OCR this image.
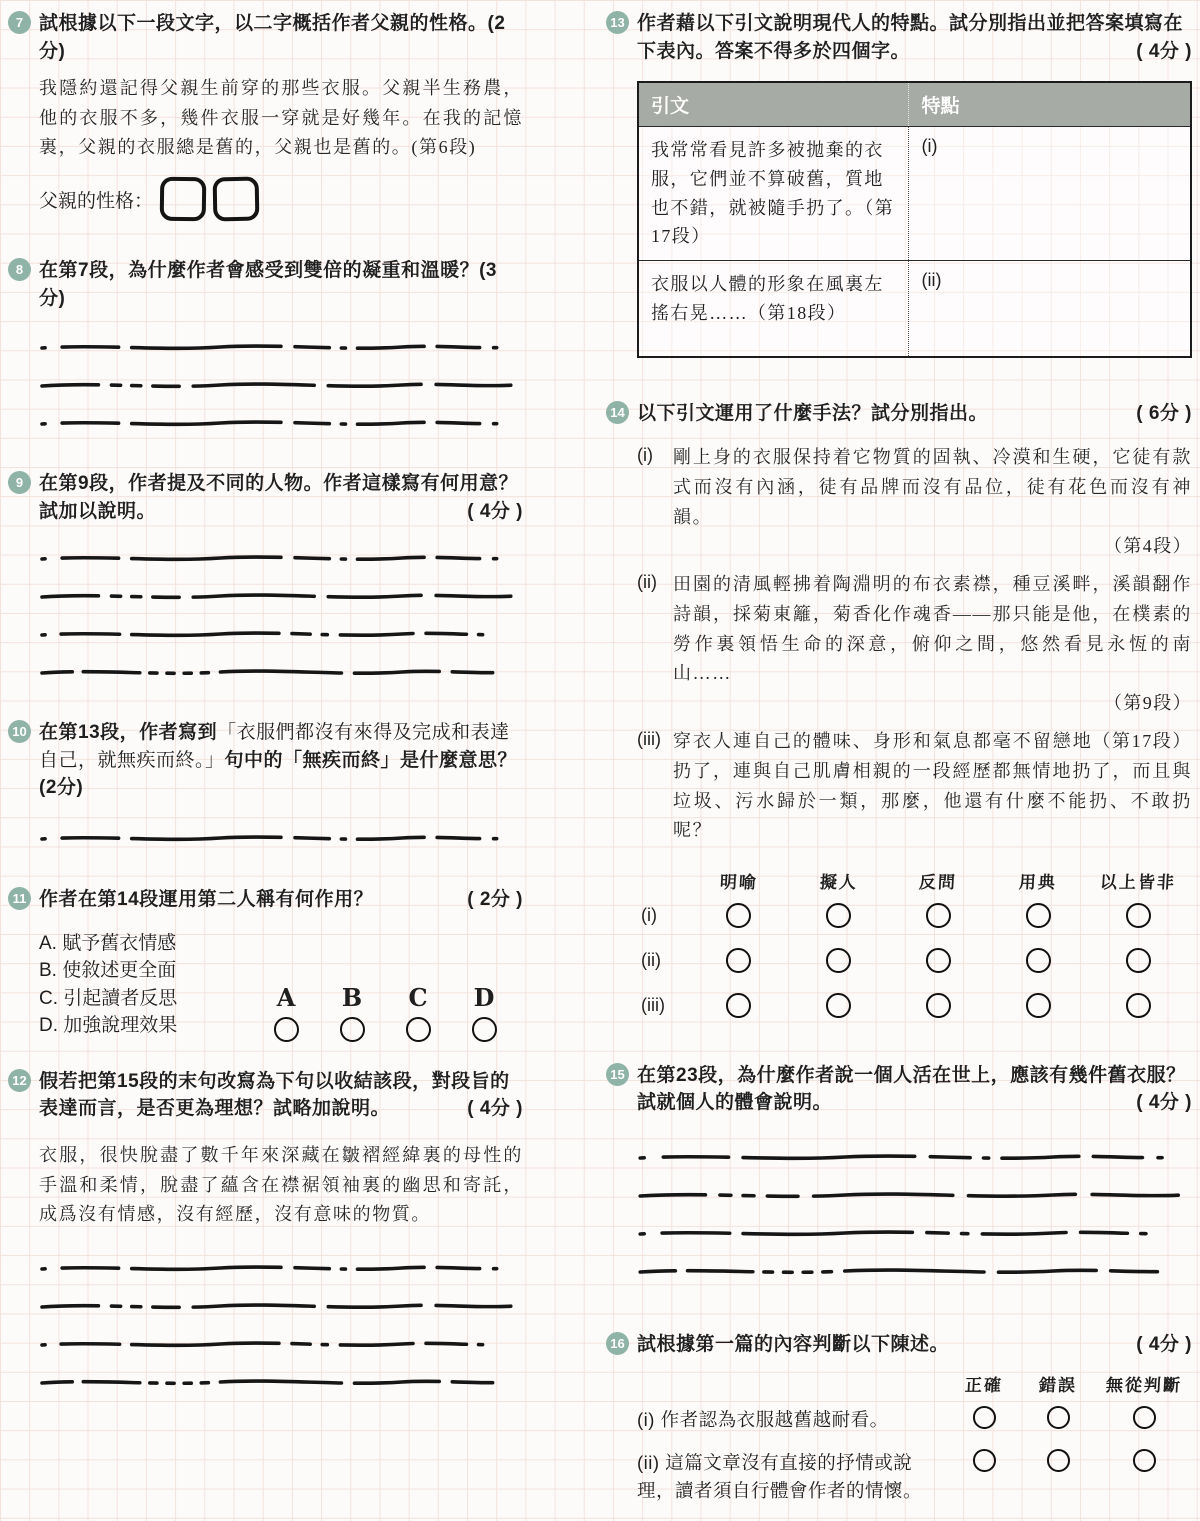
7 試根據以下一段文字，以二字概括作者父親的性格。(2分)

我隱約還記得父親生前穿的那些衣服。父親半生務農，他的衣服不多，幾件衣服一穿就是好幾年。在我的記憶裏，父親的衣服總是舊的，父親也是舊的。(第6段)

父親的性格：
8 在第7段，為什麼作者會感受到雙倍的凝重和溫暖？(3分)

9 在第9段，作者提及不同的人物。作者這樣寫有何用意？試加以說明。	( 4分 )

10 在第13段，作者寫到「衣服們都沒有來得及完成和表達自己，就無疾而終。」句中的「無疾而終」是什麼意思？(2分)

11 作者在第14段運用第二人稱有何作用？	( 2分 )

A. 賦予舊衣情感

B. 使敘述更全面

C. 引起讀者反思

D. 加強說理效果

A B C D
12 假若把第15段的末句改寫為下句以收結該段，對段旨的表達而言，是否更為理想？試略加說明。	( 4分 )

衣服，很快脫盡了數千年來深藏在皺褶經緯裏的母性的手溫和柔情，脫盡了蘊含在襟裾領袖裏的幽思和寄託，成爲沒有情感，沒有經歷，沒有意味的物質。

13 作者藉以下引文說明現代人的特點。試分別指出並把答案填寫在下表內。答案不得多於四個字。	( 4分 )

引文	特點
我常常看見許多被拋棄的衣服，它們並不算破舊，質地也不錯，就被隨手扔了。（第17段）	(i)
衣服以人體的形象在風裏左搖右晃……（第18段）	(ii)
14 以下引文運用了什麼手法？試分別指出。	( 6分 )

(i)	剛上身的衣服保持着它物質的固執、冷漠和生硬，它徒有款式而沒有內涵，徒有品牌而沒有品位，徒有花色而沒有神韻。

（第4段）
(ii) 田園的清風輕拂着陶淵明的布衣素襟，種豆溪畔，溪韻翻作詩韻，採菊東籬，菊香化作魂香——那只能是他，在樸素的勞作裏領悟生命的深意，俯仰之間，悠然看見永恆的南山……

（第9段）
(iii)	（第17段）
穿衣人連自己的體味、身形和氣息都毫不留戀地扔了，連與自己肌膚相親的一段經歷都無情地扔了，而且與垃圾、污水歸於一類，那麼，他還有什麼不能扔、不敢扔呢？

明喻	擬人	反問	用典 以上皆非
(i)
(ii)
(iii)
15 在第23段，為什麼作者說一個人活在世上，應該有幾件舊衣服？試就個人的體會說明。	( 4分 )

16 試根據第一篇的內容判斷以下陳述。	( 4分 )

正確 錯誤 無從判斷

(i) 作者認為衣服越舊越耐看。

(ii) 這篇文章沒有直接的抒情或說理，讀者須自行體會作者的情懷。
